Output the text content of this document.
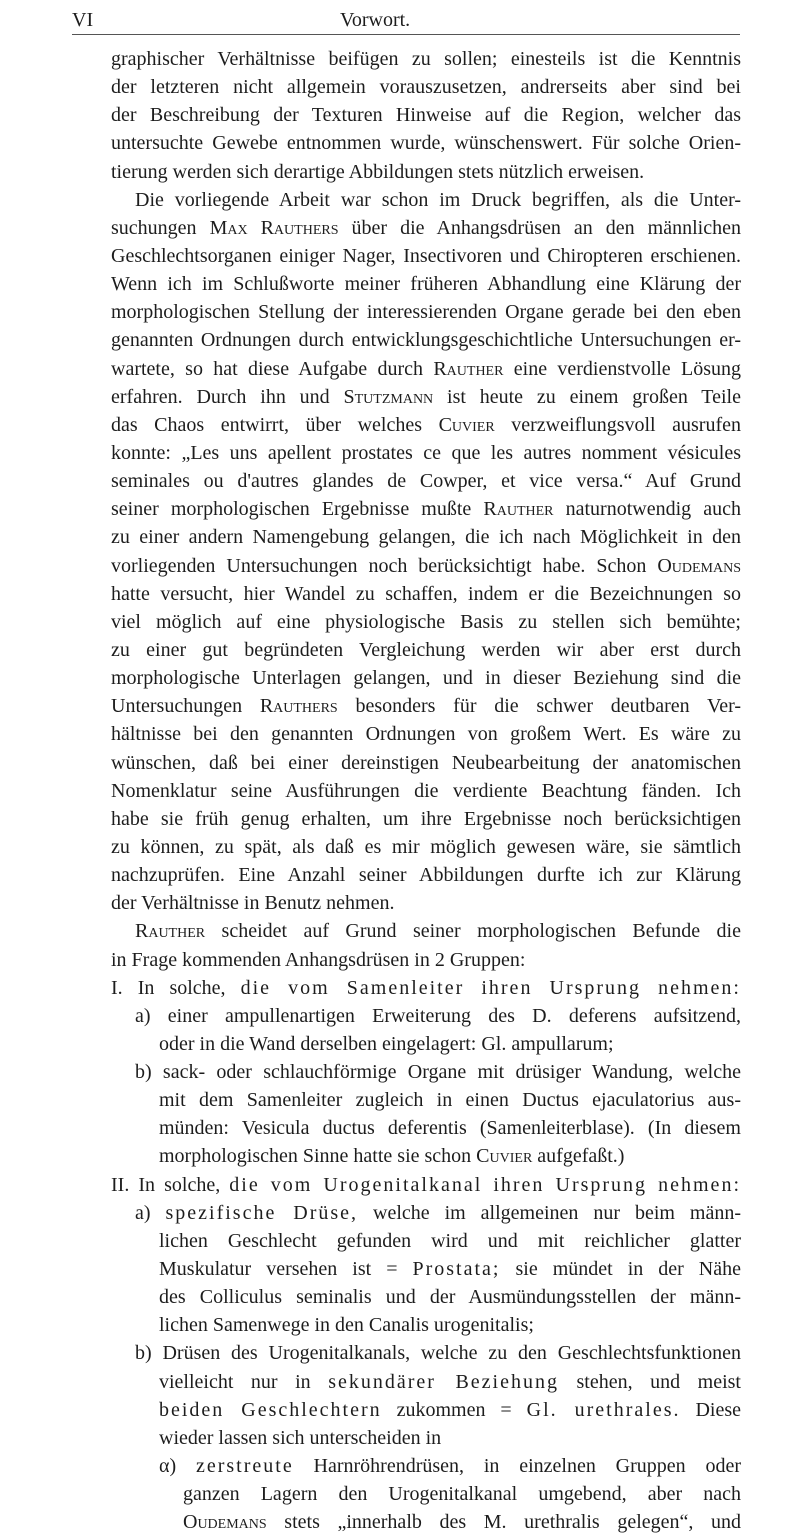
VI	Vorwort.
graphischer Verhältnisse beifügen zu sollen; einesteils ist die Kenntnis
der letzteren nicht allgemein vorauszusetzen, andrerseits aber sind bei
der Beschreibung der Texturen Hinweise auf die Region, welcher das
untersuchte Gewebe entnommen wurde, wünschenswert. Für solche Orien-
tierung werden sich derartige Abbildungen stets nützlich erweisen.
Die vorliegende Arbeit war schon im Druck begriffen, als die Unter-
suchungen Max Rauthers über die Anhangsdrüsen an den männlichen
Geschlechtsorganen einiger Nager, Insectivoren und Chiropteren erschienen.
Wenn ich im Schlußworte meiner früheren Abhandlung eine Klärung der
morphologischen Stellung der interessierenden Organe gerade bei den eben
genannten Ordnungen durch entwicklungsgeschichtliche Untersuchungen er-
wartete, so hat diese Aufgabe durch Rauther eine verdienstvolle Lösung
erfahren. Durch ihn und Stutzmann ist heute zu einem großen Teile
das Chaos entwirrt, über welches Cuvier verzweiflungsvoll ausrufen
konnte: „Les uns apellent prostates ce que les autres nomment vésicules
seminales ou d'autres glandes de Cowper, et vice versa.“ Auf Grund
seiner morphologischen Ergebnisse mußte Rauther naturnotwendig auch
zu einer andern Namengebung gelangen, die ich nach Möglichkeit in den
vorliegenden Untersuchungen noch berücksichtigt habe. Schon Oudemans
hatte versucht, hier Wandel zu schaffen, indem er die Bezeichnungen so
viel möglich auf eine physiologische Basis zu stellen sich bemühte;
zu einer gut begründeten Vergleichung werden wir aber erst durch
morphologische Unterlagen gelangen, und in dieser Beziehung sind die
Untersuchungen Rauthers besonders für die schwer deutbaren Ver-
hältnisse bei den genannten Ordnungen von großem Wert. Es wäre zu
wünschen, daß bei einer dereinstigen Neubearbeitung der anatomischen
Nomenklatur seine Ausführungen die verdiente Beachtung fänden. Ich
habe sie früh genug erhalten, um ihre Ergebnisse noch berücksichtigen
zu können, zu spät, als daß es mir möglich gewesen wäre, sie sämtlich
nachzuprüfen. Eine Anzahl seiner Abbildungen durfte ich zur Klärung
der Verhältnisse in Benutz nehmen.
Rauther scheidet auf Grund seiner morphologischen Befunde die
in Frage kommenden Anhangsdrüsen in 2 Gruppen:
I. In solche, die vom Samenleiter ihren Ursprung nehmen:
a) einer ampullenartigen Erweiterung des D. deferens aufsitzend,
oder in die Wand derselben eingelagert: Gl. ampullarum;
b) sack- oder schlauchförmige Organe mit drüsiger Wandung, welche
mit dem Samenleiter zugleich in einen Ductus ejaculatorius aus-
münden: Vesicula ductus deferentis (Samenleiterblase). (In diesem
morphologischen Sinne hatte sie schon Cuvier aufgefaßt.)
II. In solche, die vom Urogenitalkanal ihren Ursprung nehmen:
a) spezifische Drüse, welche im allgemeinen nur beim männ-
lichen Geschlecht gefunden wird und mit reichlicher glatter
Muskulatur versehen ist = Prostata; sie mündet in der Nähe
des Colliculus seminalis und der Ausmündungsstellen der männ-
lichen Samenwege in den Canalis urogenitalis;
b) Drüsen des Urogenitalkanals, welche zu den Geschlechtsfunktionen
vielleicht nur in sekundärer Beziehung stehen, und meist
beiden Geschlechtern zukommen = Gl. urethrales. Diese
wieder lassen sich unterscheiden in
α) zerstreute Harnröhrendrüsen, in einzelnen Gruppen oder
ganzen Lagern den Urogenitalkanal umgebend, aber nach
Oudemans stets „innerhalb des M. urethralis gelegen“, und
